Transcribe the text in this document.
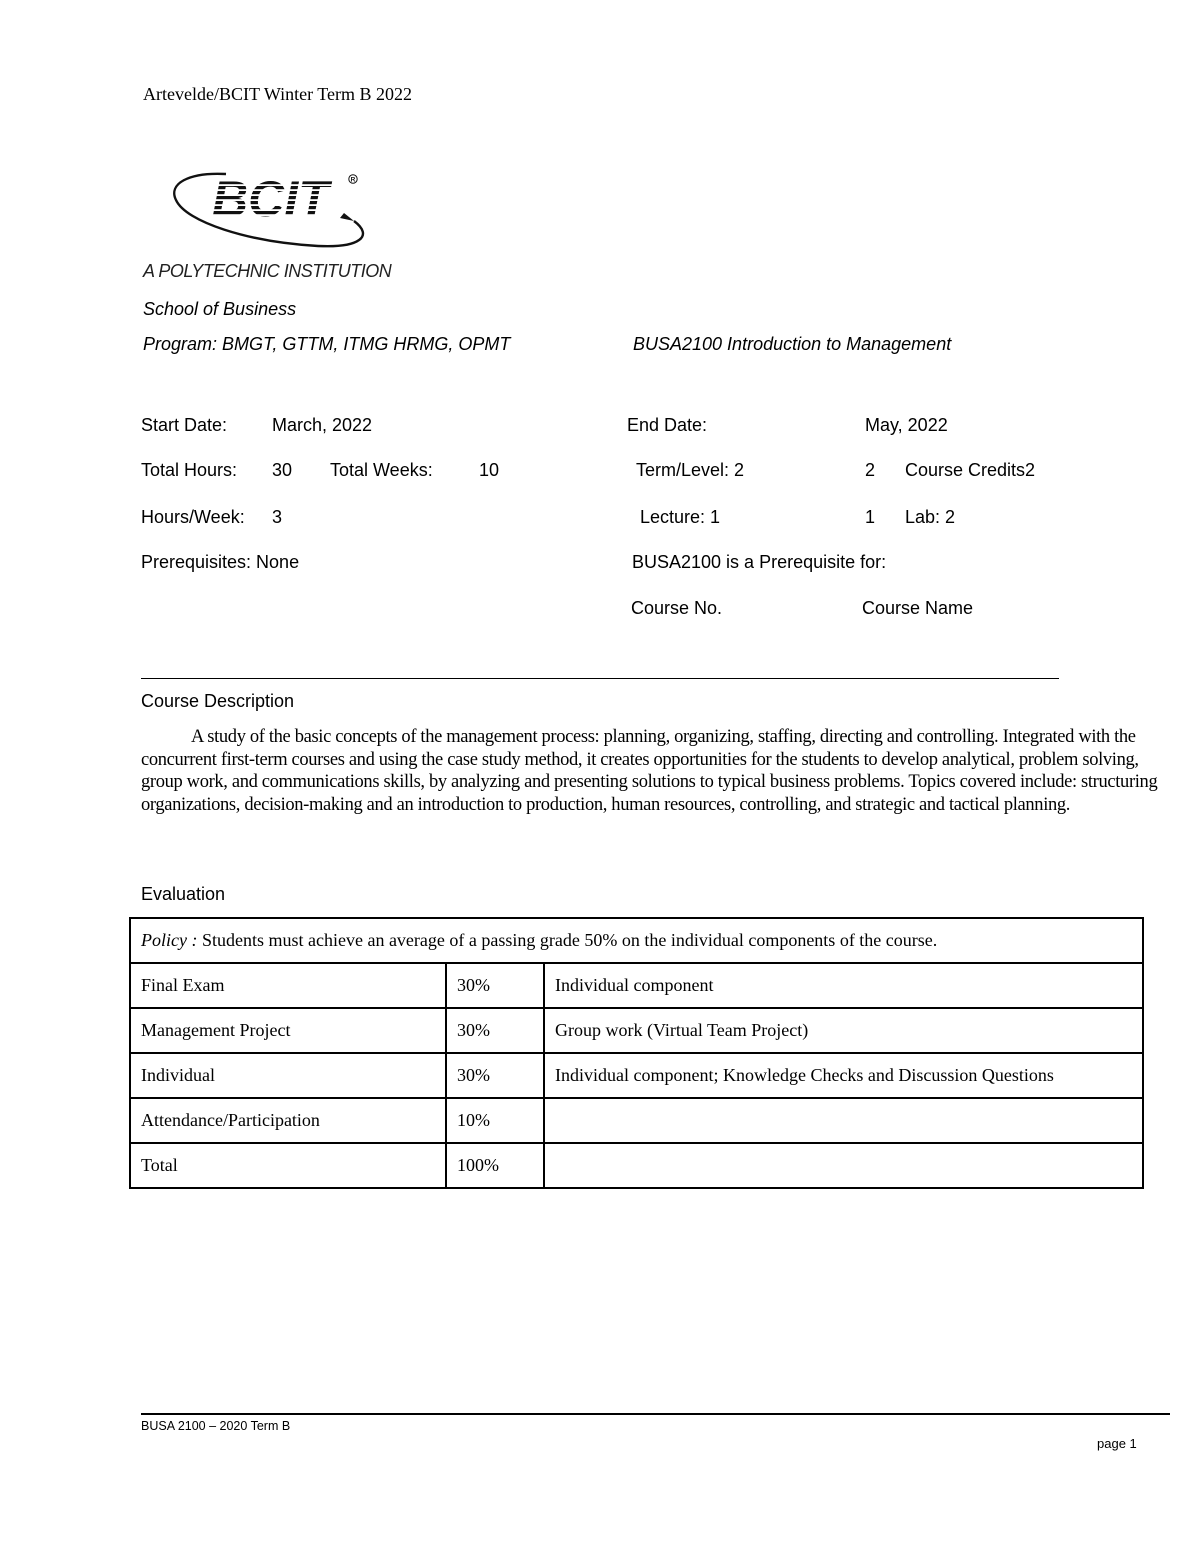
Artevelde/BCIT Winter Term B 2022
BCIT	R
A POLYTECHNIC INSTITUTION
School of Business
Program: BMGT, GTTM, ITMG HRMG, OPMT	BUSA2100 Introduction to Management
Start Date: March, 2022	End Date:	May, 2022
Total Hours: 30 Total Weeks:	10	Term/Level: 2	2 Course Credits2
Hours/Week: 3	Lecture: 1	1 Lab: 2
Prerequisites: None	BUSA2100 is a Prerequisite for:
Course No.	Course Name
Course Description

A study of the basic concepts of the management process: planning, organizing, staffing, directing and controlling. Integrated with the concurrent first-term courses and using the case study method, it creates opportunities for the students to develop analytical, problem solving, group work, and communications skills, by analyzing and presenting solutions to typical business problems. Topics covered include: structuring organizations, decision-making and an introduction to production, human resources, controlling, and strategic and tactical planning.

Evaluation
Policy : Students must achieve an average of a passing grade 50% on the individual components of the course.		
Final Exam	30%	Individual component
Management Project	30%	Group work (Virtual Team Project)
Individual	30%	Individual component; Knowledge Checks and Discussion Questions
Attendance/Participation	10%	
Total	100%	
BUSA 2100 – 2020 Term B
page 1
